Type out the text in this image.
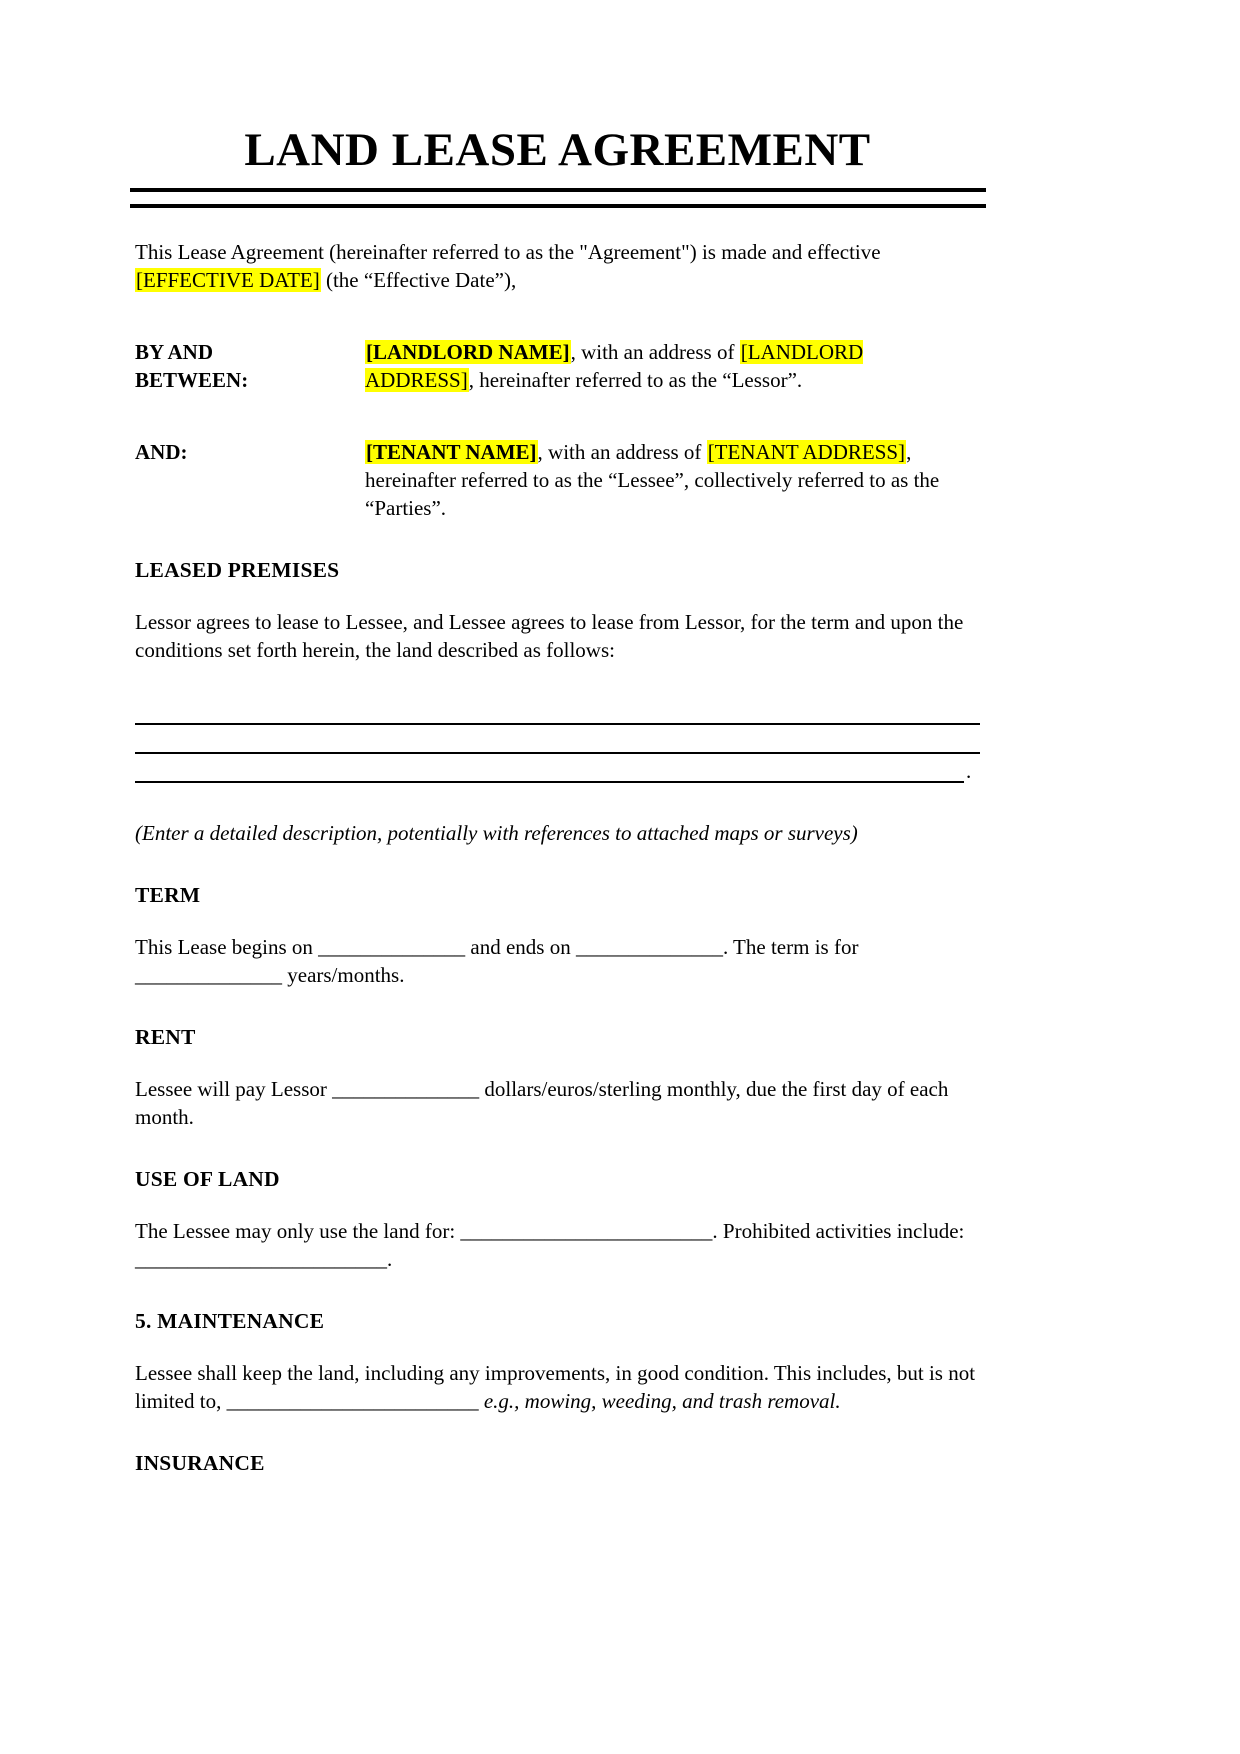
LAND LEASE AGREEMENT

This Lease Agreement (hereinafter referred to as the "Agreement") is made and effective [EFFECTIVE DATE] (the “Effective Date”),

BY AND BETWEEN:

[LANDLORD NAME], with an address of [LANDLORD ADDRESS], hereinafter referred to as the “Lessor”.

AND:	[TENANT NAME], with an address of [TENANT ADDRESS], hereinafter referred to as the “Lessee”, collectively referred to as the “Parties”.

LEASED PREMISES

Lessor agrees to lease to Lessee, and Lessee agrees to lease from Lessor, for the term and upon the conditions set forth herein, the land described as follows:

.

(Enter a detailed description, potentially with references to attached maps or surveys)

TERM

This Lease begins on ______________ and ends on ______________. The term is for ______________ years/months.

RENT

Lessee will pay Lessor ______________ dollars/euros/sterling monthly, due the first day of each month.

USE OF LAND

The Lessee may only use the land for: ________________________. Prohibited activities include: ________________________.

5. MAINTENANCE

Lessee shall keep the land, including any improvements, in good condition. This includes, but is not limited to, ________________________ e.g., mowing, weeding, and trash removal.

INSURANCE
